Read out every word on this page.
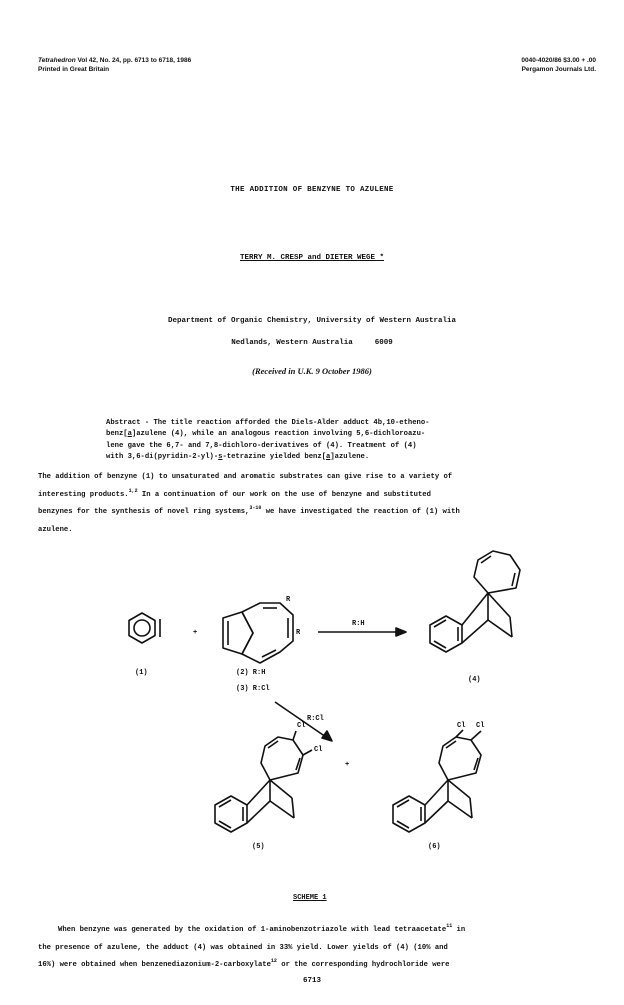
Tetrahedron Vol 42, No. 24, pp. 6713 to 6718, 1986
Printed in Great Britain
0040-4020/86 $3.00 + .00
Pergamon Journals Ltd.
THE ADDITION OF BENZYNE TO AZULENE
TERRY M. CRESP and DIETER WEGE *
Department of Organic Chemistry, University of Western Australia
Nedlands, Western Australia	6009
(Received in U.K. 9 October 1986)
Abstract - The title reaction afforded the Diels-Alder adduct 4b,10-etheno-
benz[a]azulene (4), while an analogous reaction involving 5,6-dichloroazu-
lene gave the 6,7- and 7,8-dichloro-derivatives of (4). Treatment of (4)
with 3,6-di(pyridin-2-yl)-s-tetrazine yielded benz[a]azulene.

The addition of benzyne (1) to unsaturated and aromatic substrates can give rise to a variety of

interesting products.$^{1,2}$ In a continuation of our work on the use of benzyne and substituted

benzynes for the synthesis of novel ring systems,$^{3-10}$ we have investigated the reaction of (1) with

azulene.

+
+
R
R
R:H
R:Cl
Cl
Cl
Cl Cl
(1)	(2) R:H
(3) R:Cl
(4)
(5)	(6)
SCHEME 1

When benzyne was generated by the oxidation of 1-aminobenzotriazole with lead tetraacetate$^{11}$ in

the presence of azulene, the adduct (4) was obtained in 33% yield. Lower yields of (4) (10% and

16%) were obtained when benzenediazonium-2-carboxylate$^{12}$ or the corresponding hydrochloride were

6713
